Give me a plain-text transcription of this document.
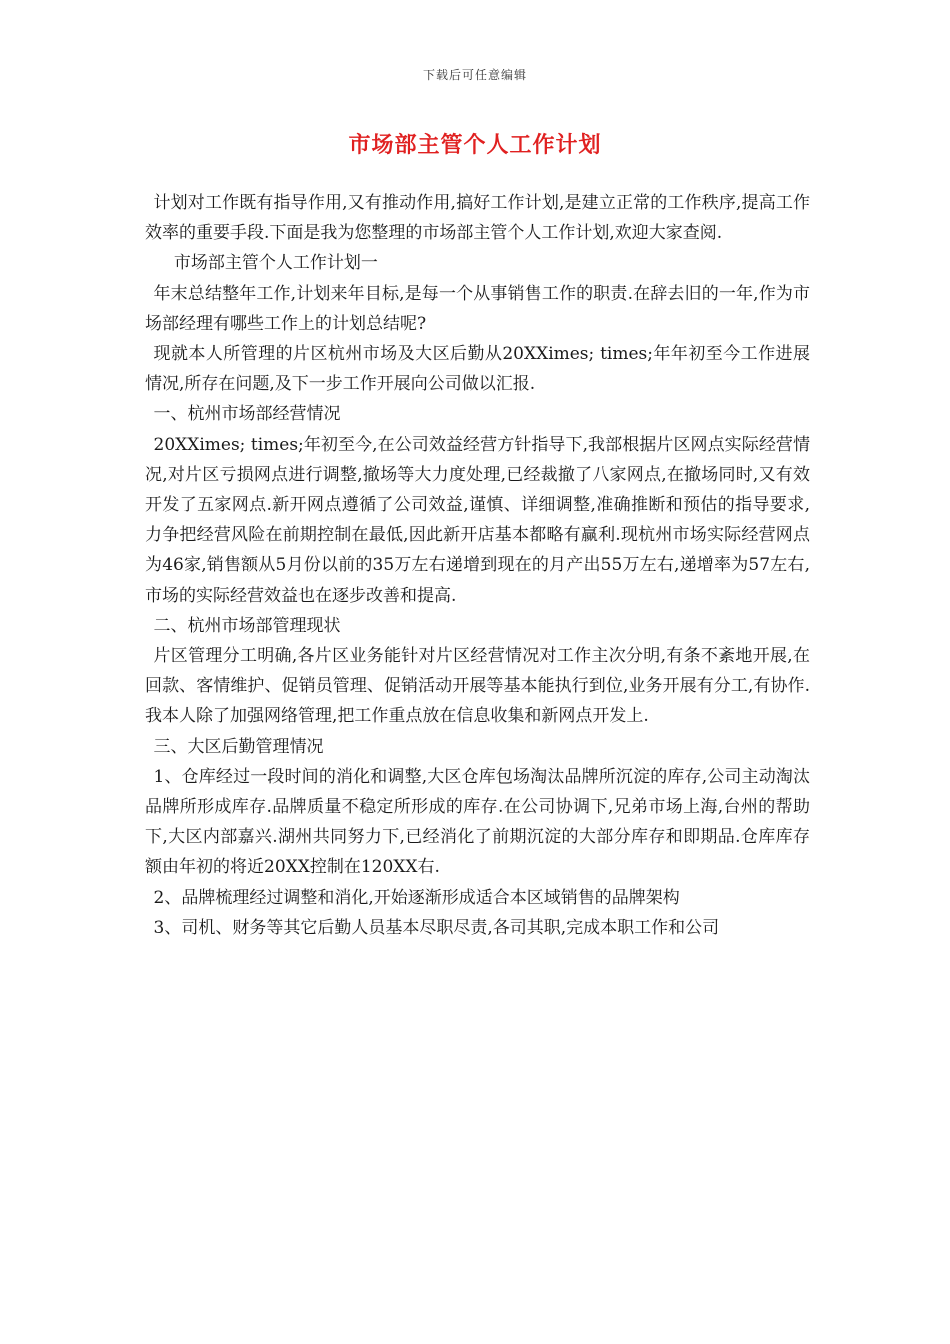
下载后可任意编辑
市场部主管个人工作计划

计划对工作既有指导作用,又有推动作用,搞好工作计划,是建立正常的工作秩序,提高工作效率的重要手段.下面是我为您整理的市场部主管个人工作计划,欢迎大家查阅.

市场部主管个人工作计划一

年末总结整年工作,计划来年目标,是每一个从事销售工作的职责.在辞去旧的一年,作为市场部经理有哪些工作上的计划总结呢?

现就本人所管理的片区杭州市场及大区后勤从20XXimes; times;年年初至今工作进展情况,所存在问题,及下一步工作开展向公司做以汇报.

一、杭州市场部经营情况

20XXimes; times;年初至今,在公司效益经营方针指导下,我部根据片区网点实际经营情况,对片区亏损网点进行调整,撤场等大力度处理,已经裁撤了八家网点,在撤场同时,又有效开发了五家网点.新开网点遵循了公司效益,谨慎、详细调整,准确推断和预估的指导要求,力争把经营风险在前期控制在最低,因此新开店基本都略有赢利.现杭州市场实际经营网点为46家,销售额从5月份以前的35万左右递增到现在的月产出55万左右,递增率为57左右,市场的实际经营效益也在逐步改善和提高.

二、杭州市场部管理现状

片区管理分工明确,各片区业务能针对片区经营情况对工作主次分明,有条不紊地开展,在回款、客情维护、促销员管理、促销活动开展等基本能执行到位,业务开展有分工,有协作.我本人除了加强网络管理,把工作重点放在信息收集和新网点开发上.

三、大区后勤管理情况

1、仓库经过一段时间的消化和调整,大区仓库包场淘汰品牌所沉淀的库存,公司主动淘汰品牌所形成库存.品牌质量不稳定所形成的库存.在公司协调下,兄弟市场上海,台州的帮助下,大区内部嘉兴.湖州共同努力下,已经消化了前期沉淀的大部分库存和即期品.仓库库存额由年初的将近20XX控制在120XX右.

2、品牌梳理经过调整和消化,开始逐渐形成适合本区域销售的品牌架构

3、司机、财务等其它后勤人员基本尽职尽责,各司其职,完成本职工作和公司
